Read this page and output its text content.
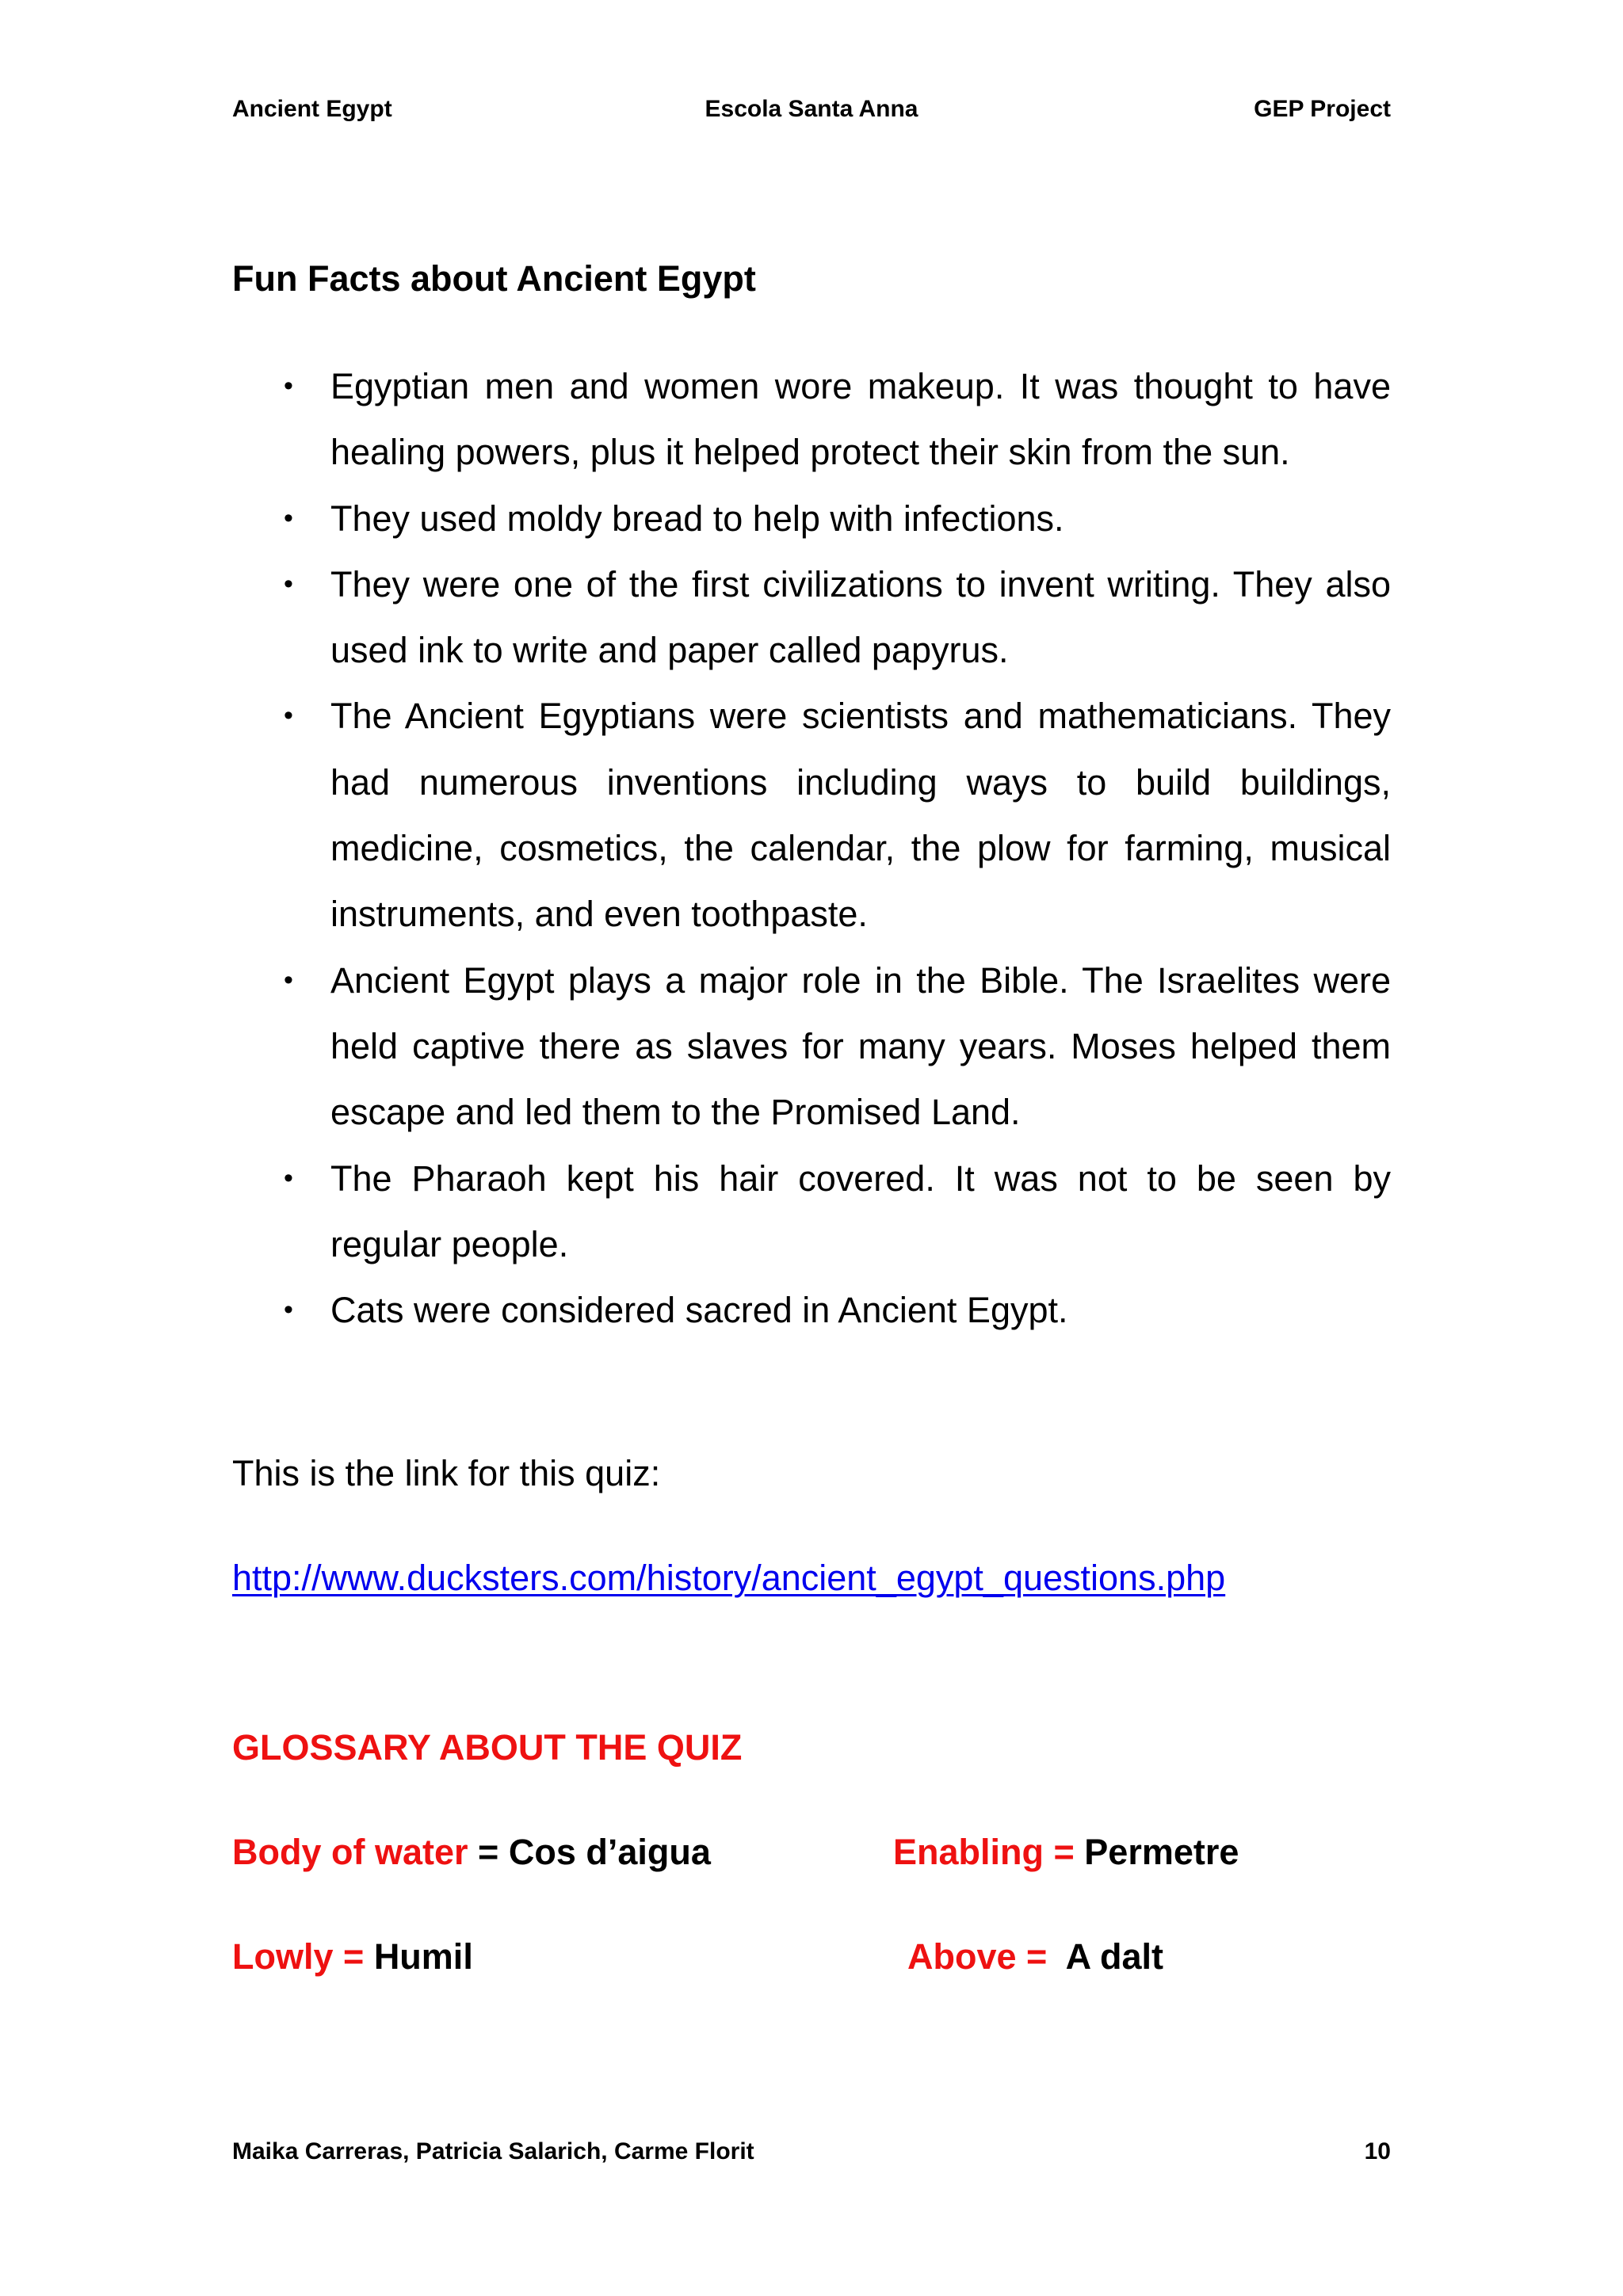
Ancient Egypt	Escola Santa Anna	GEP Project
Fun Facts about Ancient Egypt
• Egyptian men and women wore makeup. It was thought to have healing powers, plus it helped protect their skin from the sun.
• They used moldy bread to help with infections.
• They were one of the first civilizations to invent writing. They also used ink to write and paper called papyrus.
• The Ancient Egyptians were scientists and mathematicians. They had numerous inventions including ways to build buildings, medicine, cosmetics, the calendar, the plow for farming, musical instruments, and even toothpaste.
• Ancient Egypt plays a major role in the Bible. The Israelites were held captive there as slaves for many years. Moses helped them escape and led them to the Promised Land.
• The Pharaoh kept his hair covered. It was not to be seen by regular people.
• Cats were considered sacred in Ancient Egypt.

This is the link for this quiz:

http://www.ducksters.com/history/ancient_egypt_questions.php
GLOSSARY ABOUT THE QUIZ
Body of water = Cos d’aigua	Enabling = Permetre
Lowly = Humil	Above =  A dalt
Maika Carreras, Patricia Salarich, Carme Florit	10
